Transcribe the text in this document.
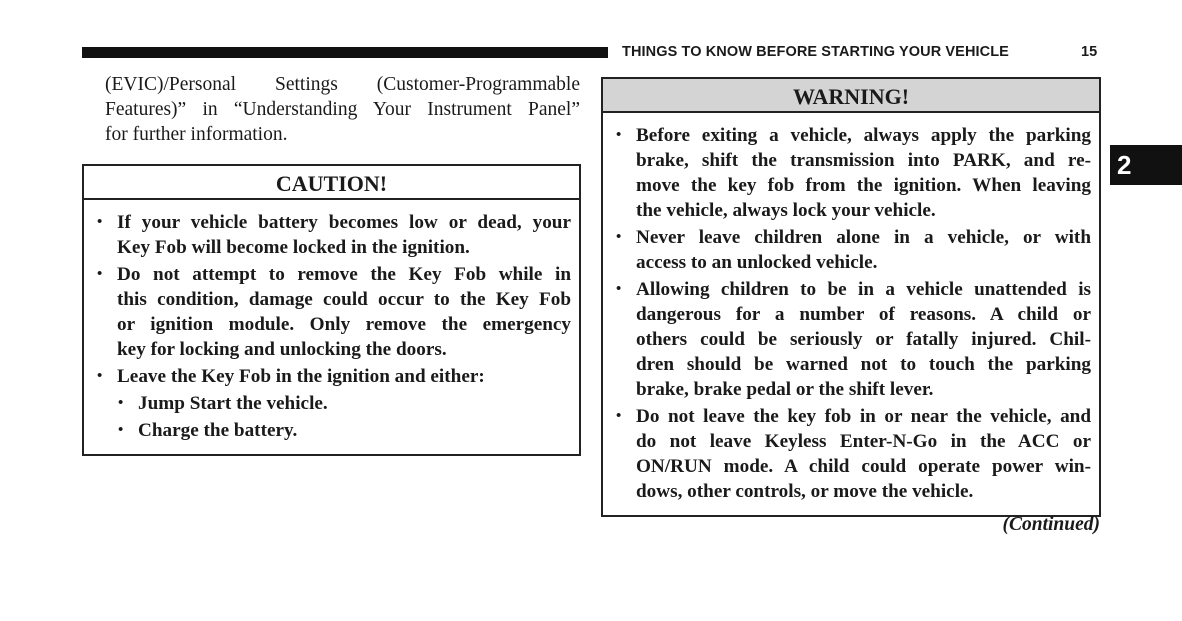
THINGS TO KNOW BEFORE STARTING YOUR VEHICLE	15
2
(EVIC)/Personal Settings (Customer-Programmable
Features)” in “Understanding Your Instrument Panel”
for further information.
CAUTION!
• If your vehicle battery becomes low or dead, your
Key Fob will become locked in the ignition.
• Do not attempt to remove the Key Fob while in
this condition, damage could occur to the Key Fob
or ignition module. Only remove the emergency
key for locking and unlocking the doors.
• Leave the Key Fob in the ignition and either:
• Jump Start the vehicle.
• Charge the battery.
WARNING!
• Before exiting a vehicle, always apply the parking
brake, shift the transmission into PARK, and re-
move the key fob from the ignition. When leaving
the vehicle, always lock your vehicle.
• Never leave children alone in a vehicle, or with
access to an unlocked vehicle.
• Allowing children to be in a vehicle unattended is
dangerous for a number of reasons. A child or
others could be seriously or fatally injured. Chil-
dren should be warned not to touch the parking
brake, brake pedal or the shift lever.
• Do not leave the key fob in or near the vehicle, and
do not leave Keyless Enter-N-Go in the ACC or
ON/RUN mode. A child could operate power win-
dows, other controls, or move the vehicle.
(Continued)
